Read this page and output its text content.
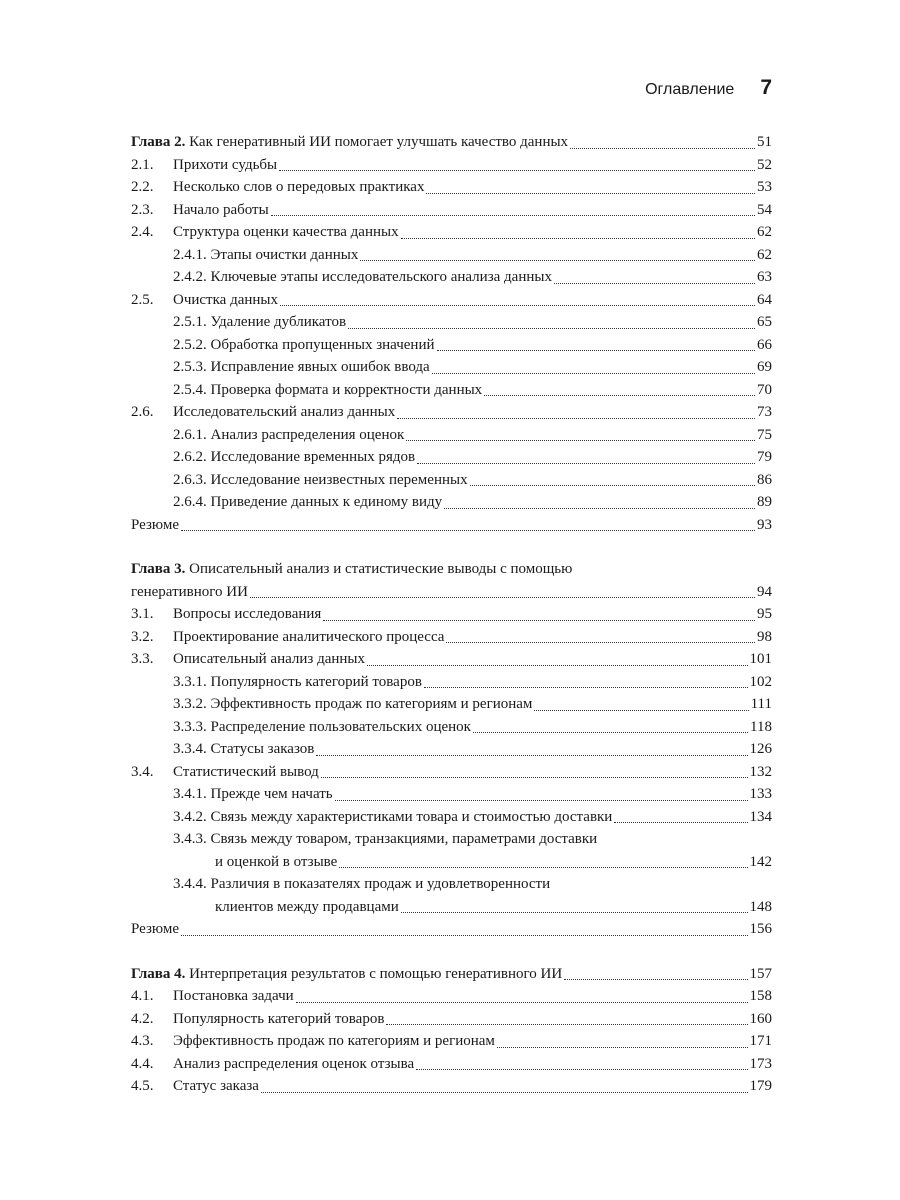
Оглавление 7
Глава 2. Как генеративный ИИ помогает улучшать качество данных	51
2.1.	Прихоти судьбы	52
2.2.	Несколько слов о передовых практиках	53
2.3.	Начало работы	54
2.4.	Структура оценки качества данных	62
2.4.1. Этапы очистки данных	62
2.4.2. Ключевые этапы исследовательского анализа данных	63
2.5.	Очистка данных	64
2.5.1. Удаление дубликатов	65
2.5.2. Обработка пропущенных значений	66
2.5.3. Исправление явных ошибок ввода	69
2.5.4. Проверка формата и корректности данных	70
2.6.	Исследовательский анализ данных	73
2.6.1. Анализ распределения оценок	75
2.6.2. Исследование временных рядов	79
2.6.3. Исследование неизвестных переменных	86
2.6.4. Приведение данных к единому виду	89
Резюме	93
Глава 3. Описательный анализ и статистические выводы с помощью
генеративного ИИ	94
3.1.	Вопросы исследования	95
3.2.	Проектирование аналитического процесса	98
3.3.	Описательный анализ данных	101
3.3.1. Популярность категорий товаров	102
3.3.2. Эффективность продаж по категориям и регионам	111
3.3.3. Распределение пользовательских оценок	118
3.3.4. Статусы заказов	126
3.4.	Статистический вывод	132
3.4.1. Прежде чем начать	133
3.4.2. Связь между характеристиками товара и стоимостью доставки	134
3.4.3. Связь между товаром, транзакциями, параметрами доставки
и оценкой в отзыве	142
3.4.4. Различия в показателях продаж и удовлетворенности
клиентов между продавцами	148
Резюме	156
Глава 4. Интерпретация результатов с помощью генеративного ИИ	157
4.1.	Постановка задачи	158
4.2.	Популярность категорий товаров	160
4.3.	Эффективность продаж по категориям и регионам	171
4.4.	Анализ распределения оценок отзыва	173
4.5.	Статус заказа	179
